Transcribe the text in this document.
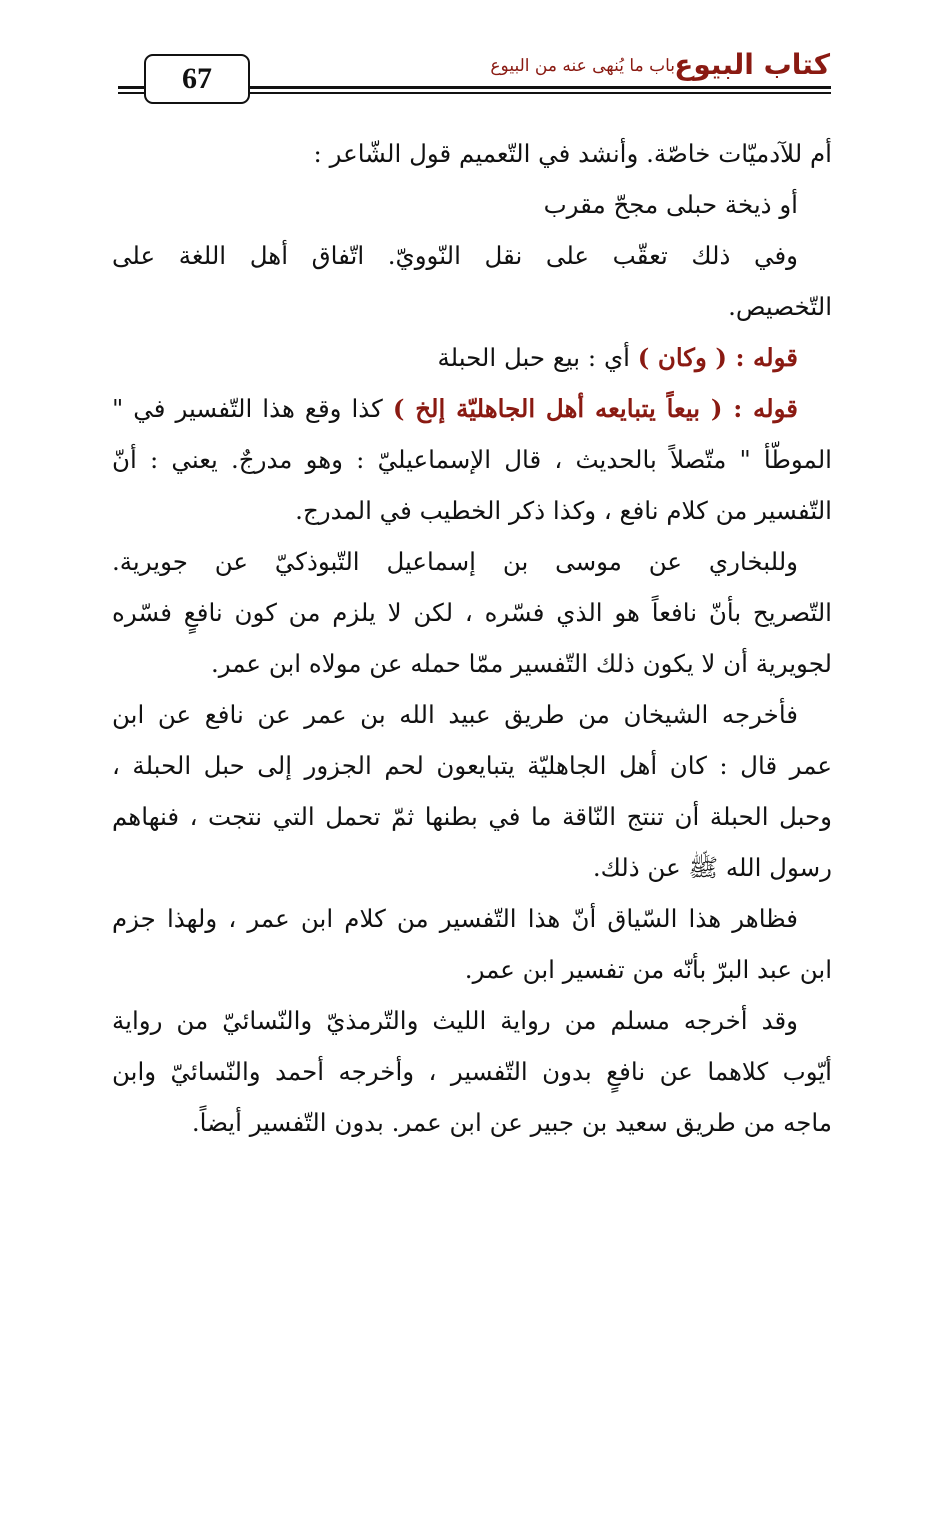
67	كتاب البيوع
باب ما يُنهى عنه من البيوع
أم للآدميّات خاصّة. وأنشد في التّعميم قول الشّاعر :
أو ذيخة حبلى مجحّ مقرب
وفي ذلك تعقّب على نقل النّوويّ. اتّفاق أهل اللغة على
التّخصيص.
قوله : ( وكان ) أي : بيع حبل الحبلة
قوله : ( بيعاً يتبايعه أهل الجاهليّة إلخ ) كذا وقع هذا التّفسير في "
الموطّأ " متّصلاً بالحديث ، قال الإسماعيليّ : وهو مدرجٌ. يعني : أنّ
التّفسير من كلام نافع ، وكذا ذكر الخطيب في المدرج.
وللبخاري عن موسى بن إسماعيل التّبوذكيّ عن جويرية.
التّصريح بأنّ نافعاً هو الذي فسّره ، لكن لا يلزم من كون نافعٍ فسّره
لجويرية أن لا يكون ذلك التّفسير ممّا حمله عن مولاه ابن عمر.
فأخرجه الشيخان من طريق عبيد الله بن عمر عن نافع عن ابن
عمر قال : كان أهل الجاهليّة يتبايعون لحم الجزور إلى حبل الحبلة ،
وحبل الحبلة أن تنتج النّاقة ما في بطنها ثمّ تحمل التي نتجت ، فنهاهم
رسول الله ﷺ عن ذلك.
فظاهر هذا السّياق أنّ هذا التّفسير من كلام ابن عمر ، ولهذا جزم
ابن عبد البرّ بأنّه من تفسير ابن عمر.
وقد أخرجه مسلم من رواية الليث والتّرمذيّ والنّسائيّ من رواية
أيّوب كلاهما عن نافعٍ بدون التّفسير ، وأخرجه أحمد والنّسائيّ وابن
ماجه من طريق سعيد بن جبير عن ابن عمر. بدون التّفسير أيضاً.
